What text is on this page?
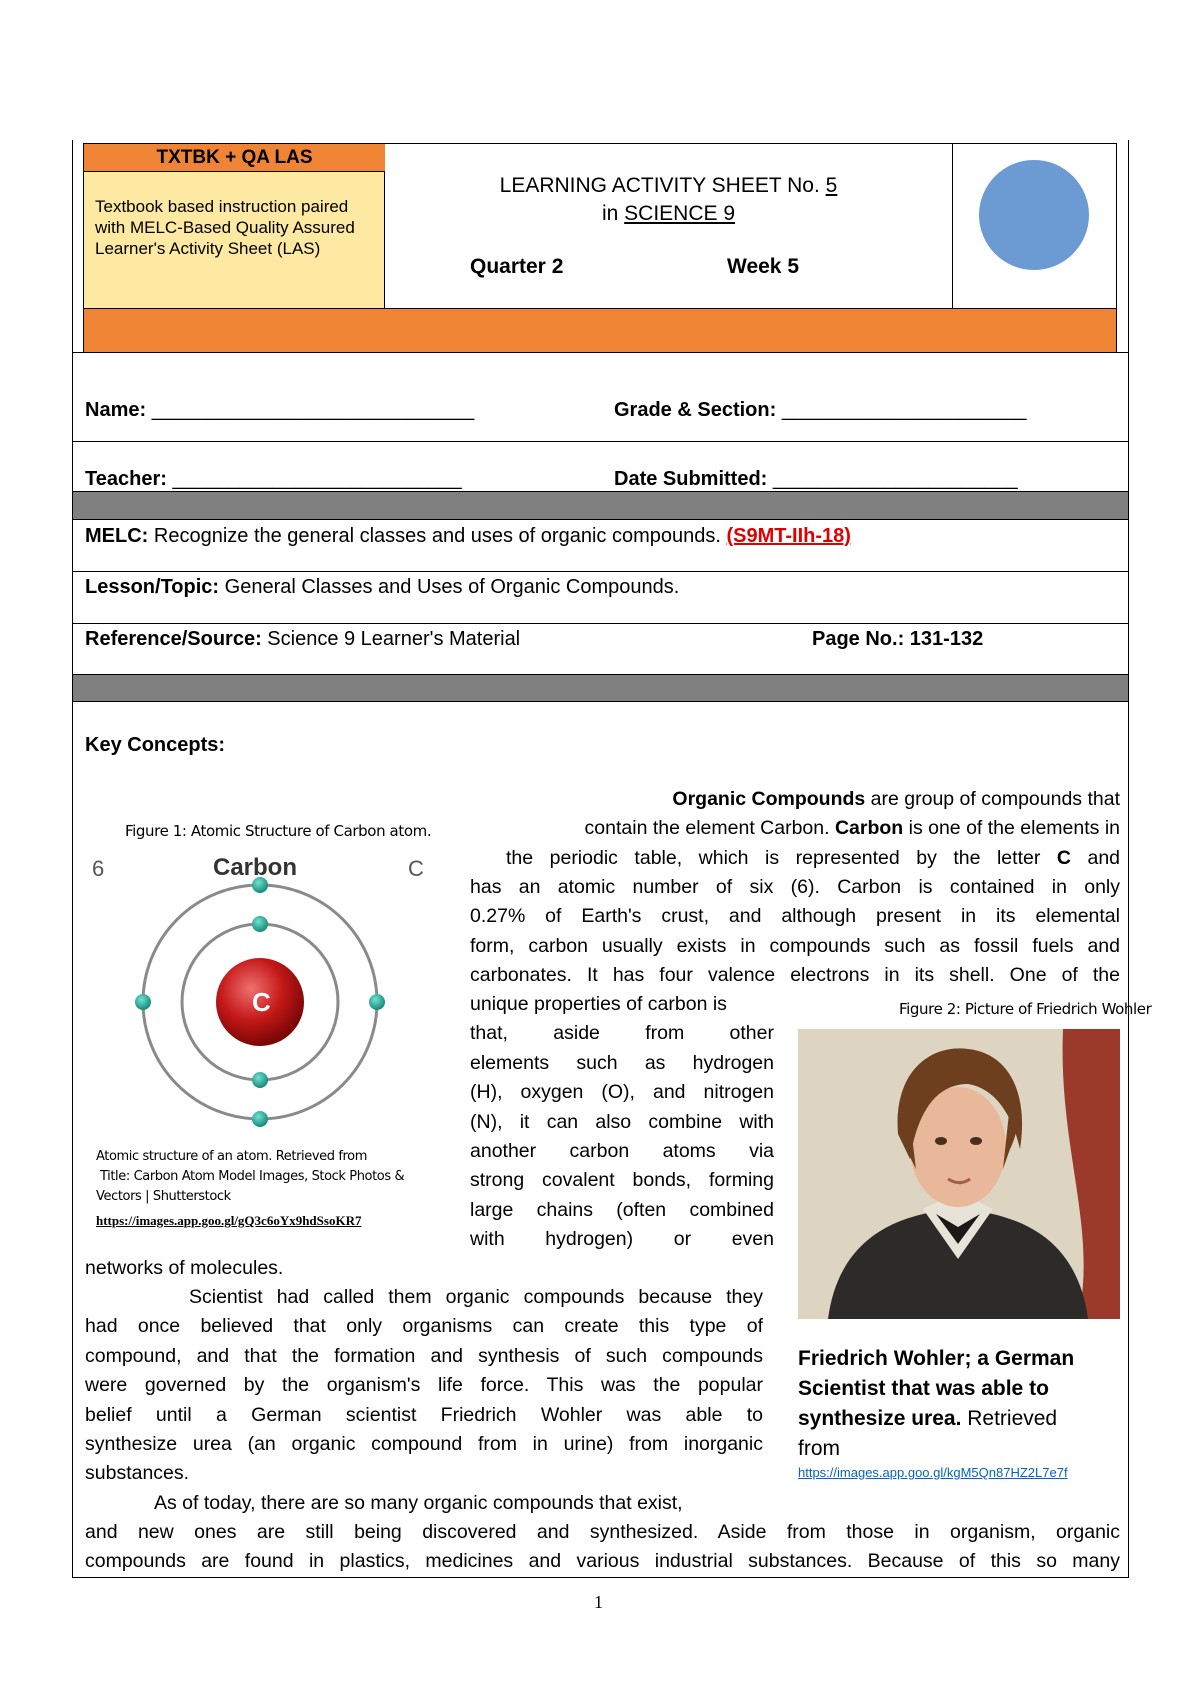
TXTBK + QA LAS
Textbook based instruction paired with MELC-Based Quality Assured Learner's Activity Sheet (LAS)
LEARNING ACTIVITY SHEET No. 5
in SCIENCE 9
Quarter 2	Week 5
Name: _____________________________	Grade & Section: ______________________
Teacher: __________________________	Date Submitted: ______________________
MELC: Recognize the general classes and uses of organic compounds. (S9MT-IIh-18)
Lesson/Topic: General Classes and Uses of Organic Compounds.
Reference/Source: Science 9 Learner's Material	Page No.: 131-132
Key Concepts:
Figure 1: Atomic Structure of Carbon atom.
6	Carbon	C
C
Atomic structure of an atom. Retrieved from
Title: Carbon Atom Model Images, Stock Photos &
Vectors | Shutterstock
https://images.app.goo.gl/gQ3c6oYx9hdSsoKR7
Organic Compounds are group of compounds that
contain the element Carbon. Carbon is one of the elements in
the periodic table, which is represented by the letter C and
has an atomic number of six (6). Carbon is contained in only
0.27% of Earth's crust, and although present in its elemental
form, carbon usually exists in compounds such as fossil fuels and
carbonates. It has four valence electrons in its shell. One of the
unique properties of carbon is
that, aside from other
elements such as hydrogen
(H), oxygen (O), and nitrogen
(N), it can also combine with
another carbon atoms via
strong covalent bonds, forming
large chains (often combined
with hydrogen) or even
networks of molecules.
Figure 2: Picture of Friedrich Wohler
Friedrich Wohler; a German Scientist that was able to synthesize urea. Retrieved from
https://images.app.goo.gl/kgM5Qn87HZ2L7e7f
Scientist had called them organic compounds because they
had once believed that only organisms can create this type of
compound, and that the formation and synthesis of such compounds
were governed by the organism's life force. This was the popular
belief until a German scientist Friedrich Wohler was able to
synthesize urea (an organic compound from in urine) from inorganic
substances.
As of today, there are so many organic compounds that exist,
and new ones are still being discovered and synthesized. Aside from those in organism, organic
compounds are found in plastics, medicines and various industrial substances. Because of this so many
1
